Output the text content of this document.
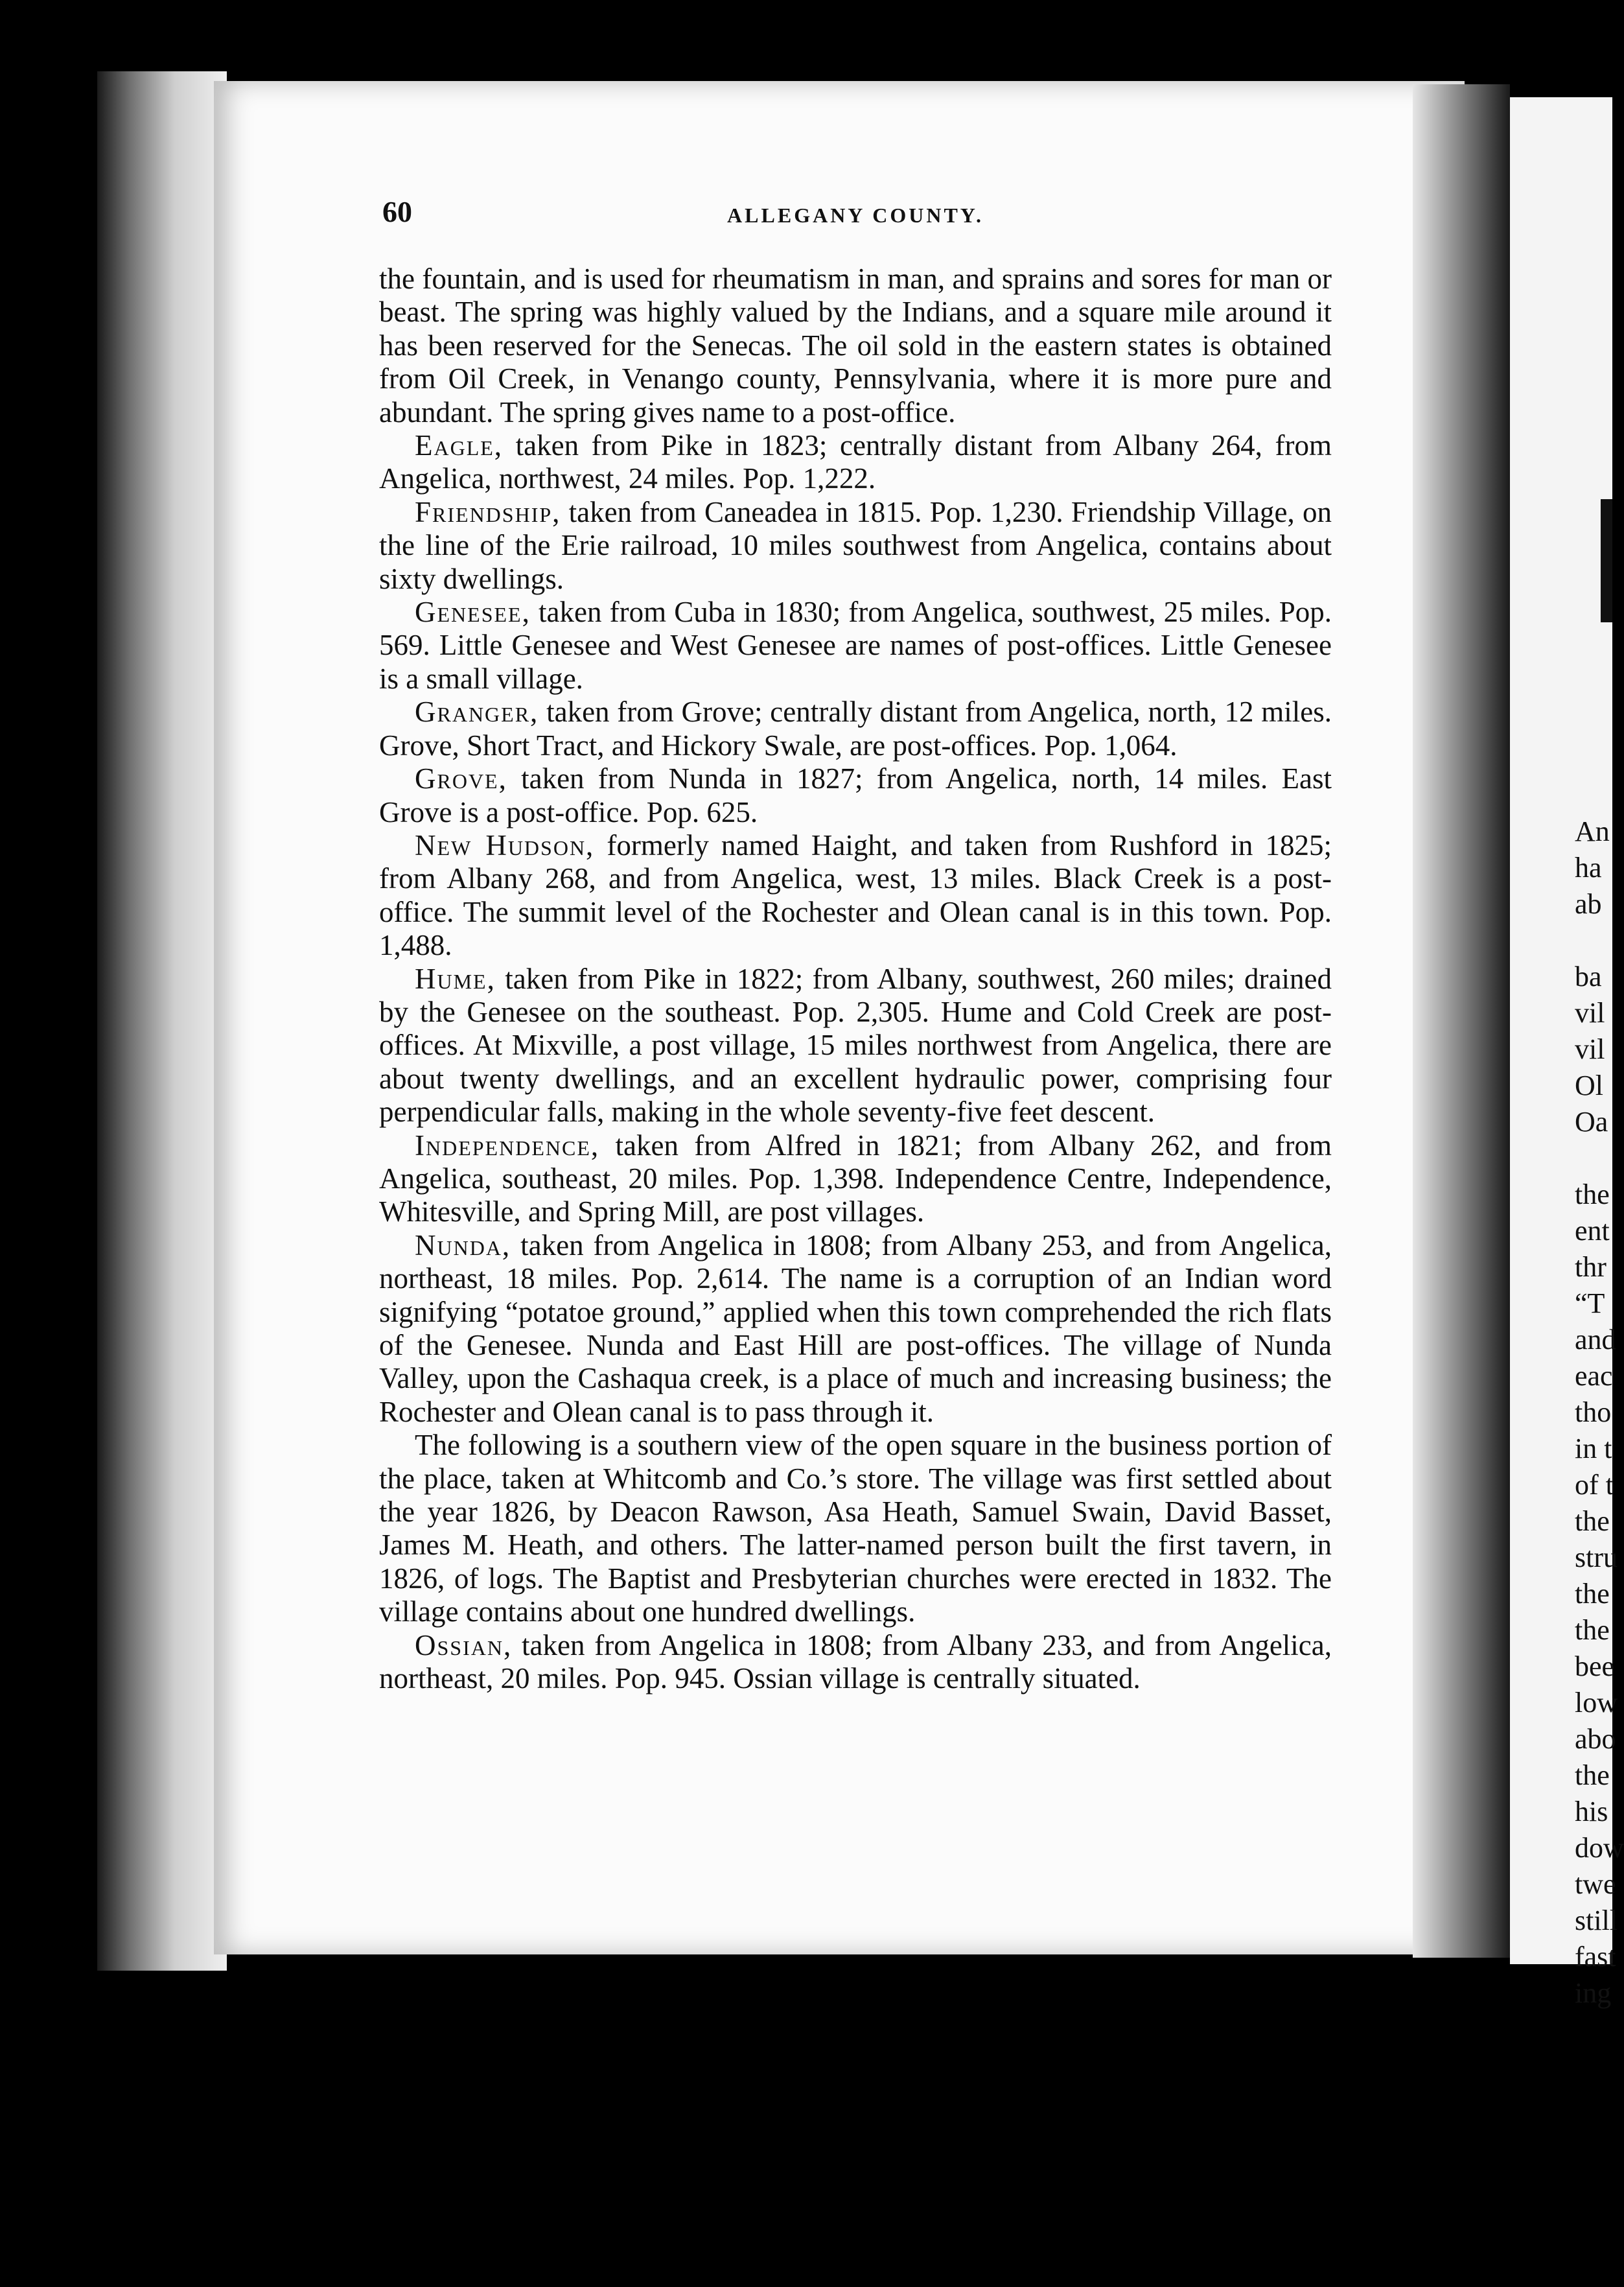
An
ha
ab
ba
vil
vil
Ol
Oa
the
ent
thr
“T
and
eac
tho
in t
of t
the
stru
the
the
bee
low
abo
the
his
dow
twe
still
fast
ing
60	ALLEGANY COUNTY.

the fountain, and is used for rheumatism in man, and sprains and sores for man or beast. The spring was highly valued by the Indians, and a square mile around it has been reserved for the Senecas. The oil sold in the eastern states is obtained from Oil Creek, in Venango county, Pennsylvania, where it is more pure and abundant. The spring gives name to a post-office.

Eagle, taken from Pike in 1823; centrally distant from Albany 264, from Angelica, northwest, 24 miles. Pop. 1,222.

Friendship, taken from Caneadea in 1815. Pop. 1,230. Friendship Village, on the line of the Erie railroad, 10 miles southwest from Angelica, contains about sixty dwellings.

Genesee, taken from Cuba in 1830; from Angelica, southwest, 25 miles. Pop. 569. Little Genesee and West Genesee are names of post-offices. Little Genesee is a small village.

Granger, taken from Grove; centrally distant from Angelica, north, 12 miles. Grove, Short Tract, and Hickory Swale, are post-offices. Pop. 1,064.

Grove, taken from Nunda in 1827; from Angelica, north, 14 miles. East Grove is a post-office. Pop. 625.

New Hudson, formerly named Haight, and taken from Rushford in 1825; from Albany 268, and from Angelica, west, 13 miles. Black Creek is a post-office. The summit level of the Rochester and Olean canal is in this town. Pop. 1,488.

Hume, taken from Pike in 1822; from Albany, southwest, 260 miles; drained by the Genesee on the southeast. Pop. 2,305. Hume and Cold Creek are post-offices. At Mixville, a post village, 15 miles northwest from Angelica, there are about twenty dwellings, and an excellent hydraulic power, comprising four perpendicular falls, making in the whole seventy-five feet descent.

Independence, taken from Alfred in 1821; from Albany 262, and from Angelica, southeast, 20 miles. Pop. 1,398. Independence Centre, Independence, Whitesville, and Spring Mill, are post villages.

Nunda, taken from Angelica in 1808; from Albany 253, and from Angelica, northeast, 18 miles. Pop. 2,614. The name is a corruption of an Indian word signifying “potatoe ground,” applied when this town comprehended the rich flats of the Genesee. Nunda and East Hill are post-offices. The village of Nunda Valley, upon the Cashaqua creek, is a place of much and increasing business; the Rochester and Olean canal is to pass through it.

The following is a southern view of the open square in the business portion of the place, taken at Whitcomb and Co.’s store. The village was first settled about the year 1826, by Deacon Rawson, Asa Heath, Samuel Swain, David Basset, James M. Heath, and others. The latter-named person built the first tavern, in 1826, of logs. The Baptist and Presbyterian churches were erected in 1832. The village contains about one hundred dwellings.

Ossian, taken from Angelica in 1808; from Albany 233, and from Angelica, northeast, 20 miles. Pop. 945. Ossian village is centrally situated.
